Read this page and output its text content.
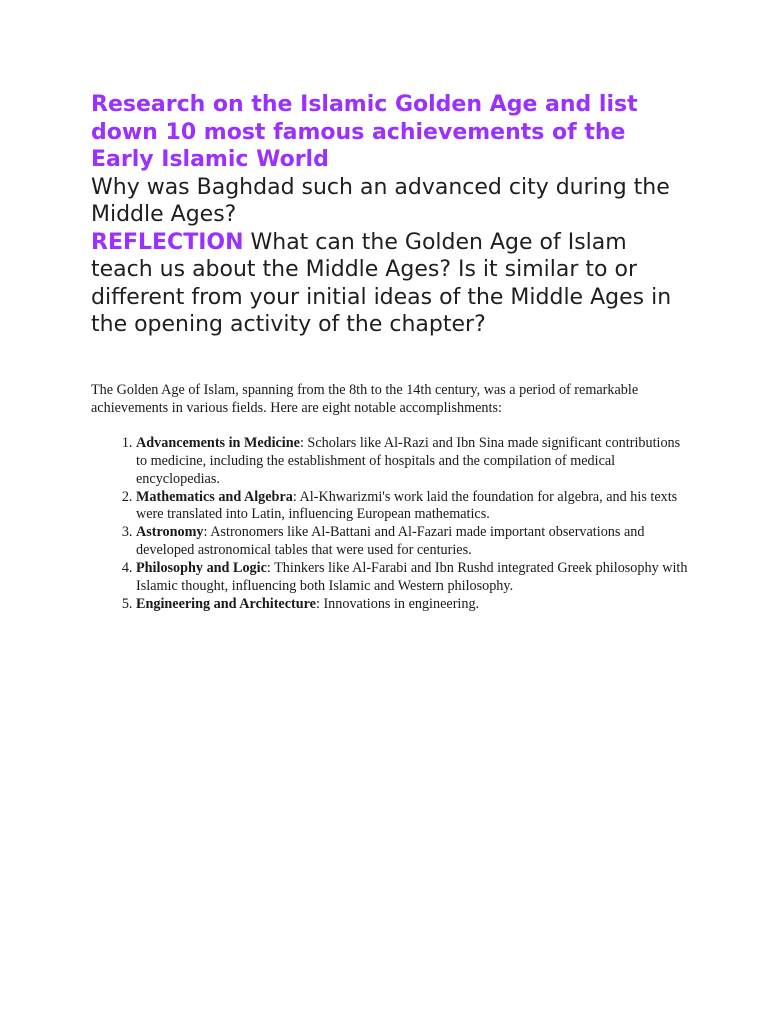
Research on the Islamic Golden Age and list down 10 most famous achievements of the Early Islamic World

Why was Baghdad such an advanced city during the Middle Ages?

REFLECTION What can the Golden Age of Islam teach us about the Middle Ages? Is it similar to or different from your initial ideas of the Middle Ages in the opening activity of the chapter?

The Golden Age of Islam, spanning from the 8th to the 14th century, was a period of remarkable achievements in various fields. Here are eight notable accomplishments:

1. Advancements in Medicine: Scholars like Al-Razi and Ibn Sina made significant contributions to medicine, including the establishment of hospitals and the compilation of medical encyclopedias.
2. Mathematics and Algebra: Al-Khwarizmi's work laid the foundation for algebra, and his texts were translated into Latin, influencing European mathematics.
3. Astronomy: Astronomers like Al-Battani and Al-Fazari made important observations and developed astronomical tables that were used for centuries.
4. Philosophy and Logic: Thinkers like Al-Farabi and Ibn Rushd integrated Greek philosophy with Islamic thought, influencing both Islamic and Western philosophy.
5. Engineering and Architecture: Innovations in engineering.
